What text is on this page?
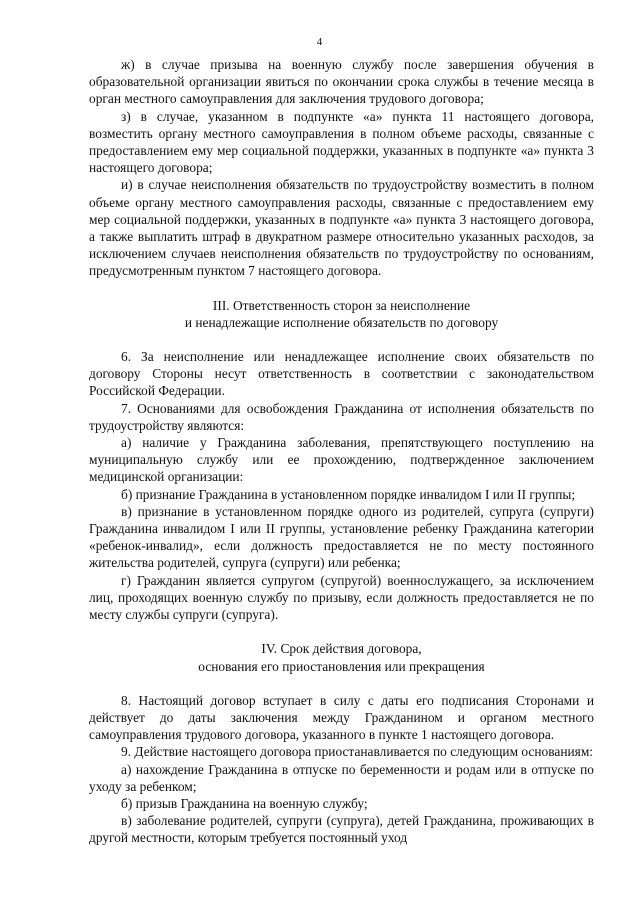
4

ж) в случае призыва на военную службу после завершения обучения в образовательной организации явиться по окончании срока службы в течение месяца в орган местного самоуправления для заключения трудового договора;

з) в случае, указанном в подпункте «а» пункта 11 настоящего договора, возместить органу местного самоуправления в полном объеме расходы, связанные с предоставлением ему мер социальной поддержки, указанных в подпункте «а» пункта 3 настоящего договора;

и) в случае неисполнения обязательств по трудоустройству возместить в полном объеме органу местного самоуправления расходы, связанные с предоставлением ему мер социальной поддержки, указанных в подпункте «а» пункта 3 настоящего договора, а также выплатить штраф в двукратном размере относительно указанных расходов, за исключением случаев неисполнения обязательств по трудоустройству по основаниям, предусмотренным пунктом 7 настоящего договора.

III. Ответственность сторон за неисполнение
и ненадлежащие исполнение обязательств по договору

6. За неисполнение или ненадлежащее исполнение своих обязательств по договору Стороны несут ответственность в соответствии с законодательством Российской Федерации.

7. Основаниями для освобождения Гражданина от исполнения обязательств по трудоустройству являются:

а) наличие у Гражданина заболевания, препятствующего поступлению на муниципальную службу или ее прохождению, подтвержденное заключением медицинской организации:

б) признание Гражданина в установленном порядке инвалидом I или II группы;

в) признание в установленном порядке одного из родителей, супруга (супруги) Гражданина инвалидом I или II группы, установление ребенку Гражданина категории «ребенок-инвалид», если должность предоставляется не по месту постоянного жительства родителей, супруга (супруги) или ребенка;

г) Гражданин является супругом (супругой) военнослужащего, за исключением лиц, проходящих военную службу по призыву, если должность предоставляется не по месту службы супруги (супруга).

IV. Срок действия договора,
основания его приостановления или прекращения

8. Настоящий договор вступает в силу с даты его подписания Сторонами и действует до даты заключения между Гражданином и органом местного самоуправления трудового договора, указанного в пункте 1 настоящего договора.

9. Действие настоящего договора приостанавливается по следующим основаниям:

а) нахождение Гражданина в отпуске по беременности и родам или в отпуске по уходу за ребенком;

б) призыв Гражданина на военную службу;

в) заболевание родителей, супруги (супруга), детей Гражданина, проживающих в другой местности, которым требуется постоянный уход
